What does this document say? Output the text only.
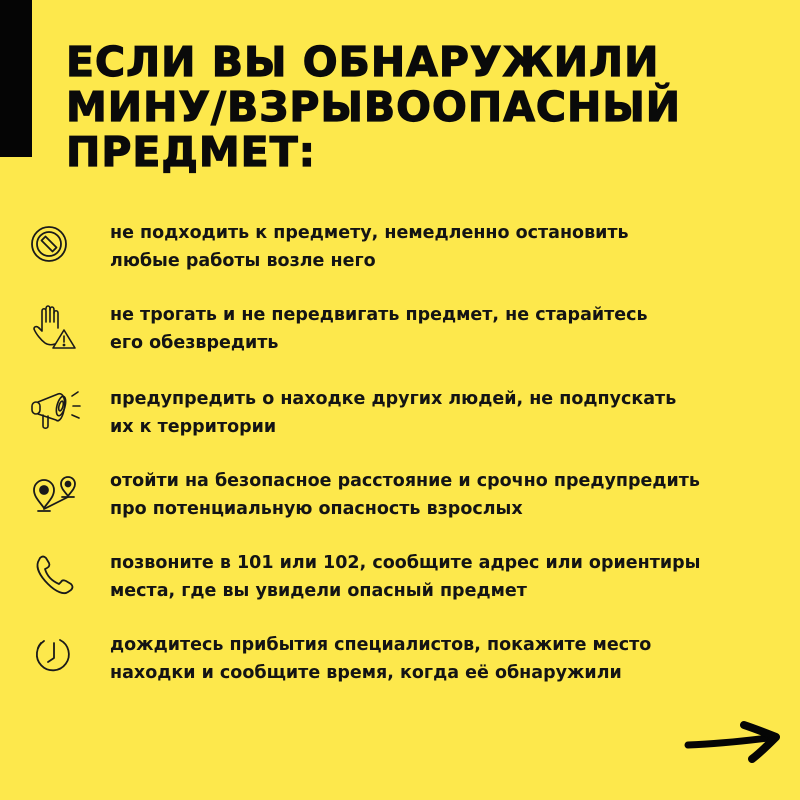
ЕСЛИ ВЫ ОБНАРУЖИЛИ
МИНУ/ВЗРЫВООПАСНЫЙ
ПРЕДМЕТ:
не подходить к предмету, немедленно остановить
любые работы возле него
не трогать и не передвигать предмет, не старайтесь
его обезвредить
предупредить о находке других людей, не подпускать
их к территории
отойти на безопасное расстояние и срочно предупредить
про потенциальную опасность взрослых
позвоните в 101 или 102, сообщите адрес или ориентиры
места, где вы увидели опасный предмет
дождитесь прибытия специалистов, покажите место
находки и сообщите время, когда её обнаружили
